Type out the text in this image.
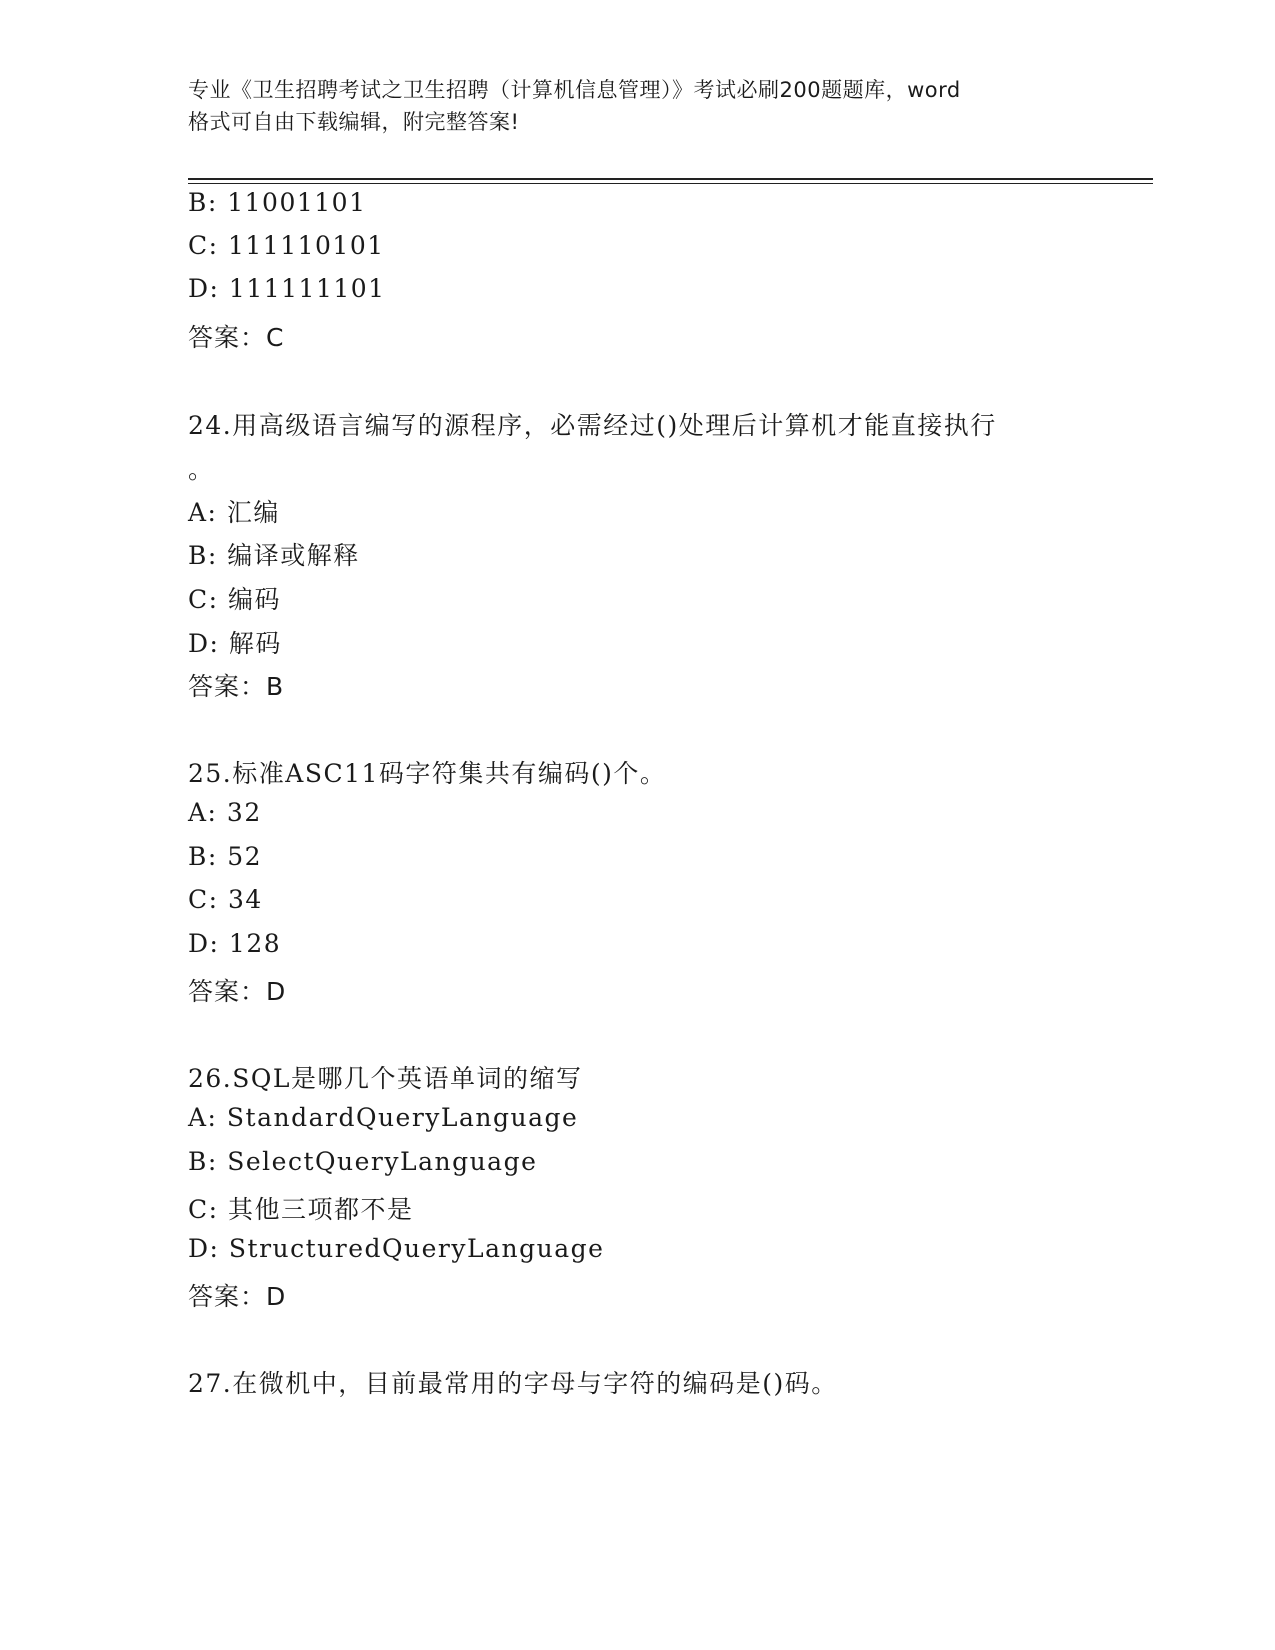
专业《卫生招聘考试之卫生招聘（计算机信息管理）》考试必刷200题题库，word
格式可自由下载编辑，附完整答案!
B: 11001101
C: 111110101
D: 111111101
答案：C
24.用高级语言编写的源程序，必需经过()处理后计算机才能直接执行
。
A: 汇编
B: 编译或解释
C: 编码
D: 解码
答案：B
25.标准ASC11码字符集共有编码()个。
A: 32
B: 52
C: 34
D: 128
答案：D
26.SQL是哪几个英语单词的缩写
A: StandardQueryLanguage
B: SelectQueryLanguage
C: 其他三项都不是
D: StructuredQueryLanguage
答案：D
27.在微机中，目前最常用的字母与字符的编码是()码。
